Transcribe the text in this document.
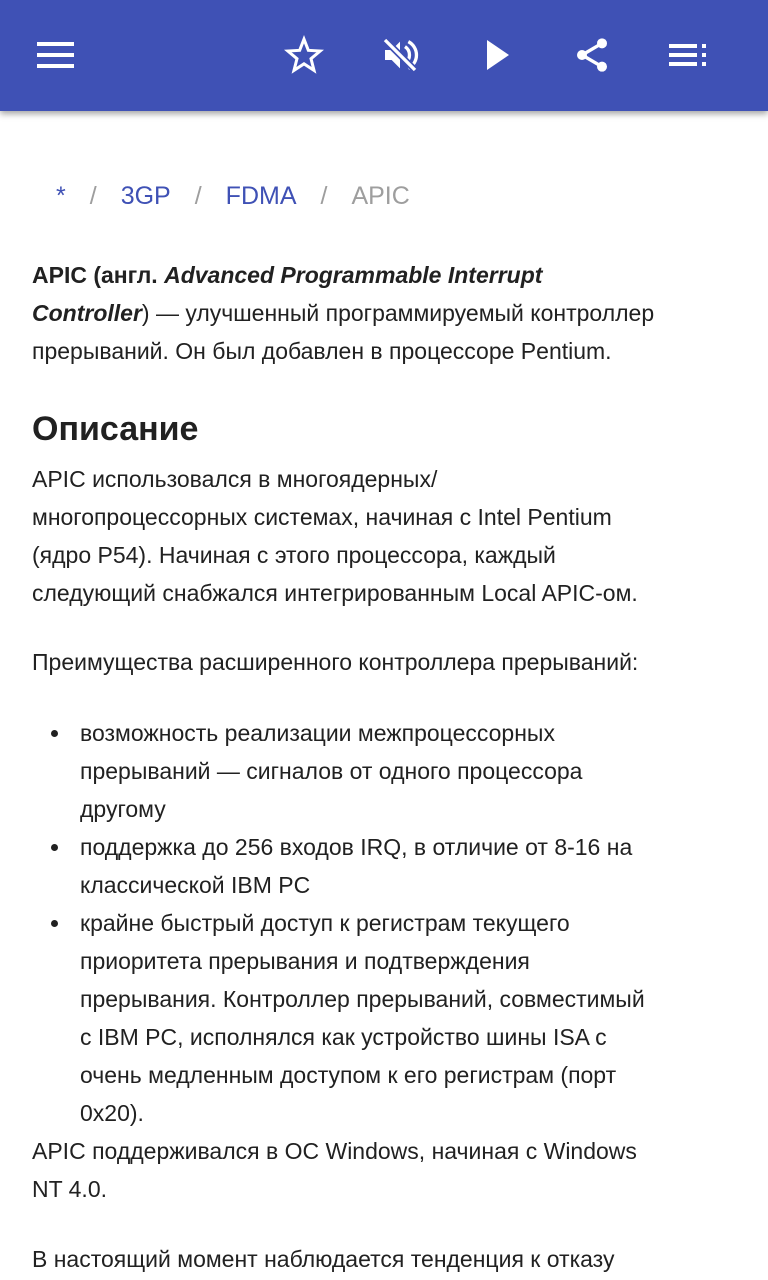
* / 3GP / FDMA / APIC
APIC (англ. Advanced Programmable Interrupt
Controller) — улучшенный программируемый контроллер
прерываний. Он был добавлен в процессоре Pentium.
Описание
APIC использовался в многоядерных/
многопроцессорных системах, начиная с Intel Pentium
(ядро P54). Начиная с этого процессора, каждый
следующий снабжался интегрированным Local APIC-ом.
Преимущества расширенного контроллера прерываний:
возможность реализации межпроцессорных
прерываний — сигналов от одного процессора
другому
поддержка до 256 входов IRQ, в отличие от 8-16 на
классической IBM PC
крайне быстрый доступ к регистрам текущего
приоритета прерывания и подтверждения
прерывания. Контроллер прерываний, совместимый
с IBM PC, исполнялся как устройство шины ISA с
очень медленным доступом к его регистрам (порт
0x20).
APIC поддерживался в ОС Windows, начиная с Windows
NT 4.0.
В настоящий момент наблюдается тенденция к отказу
